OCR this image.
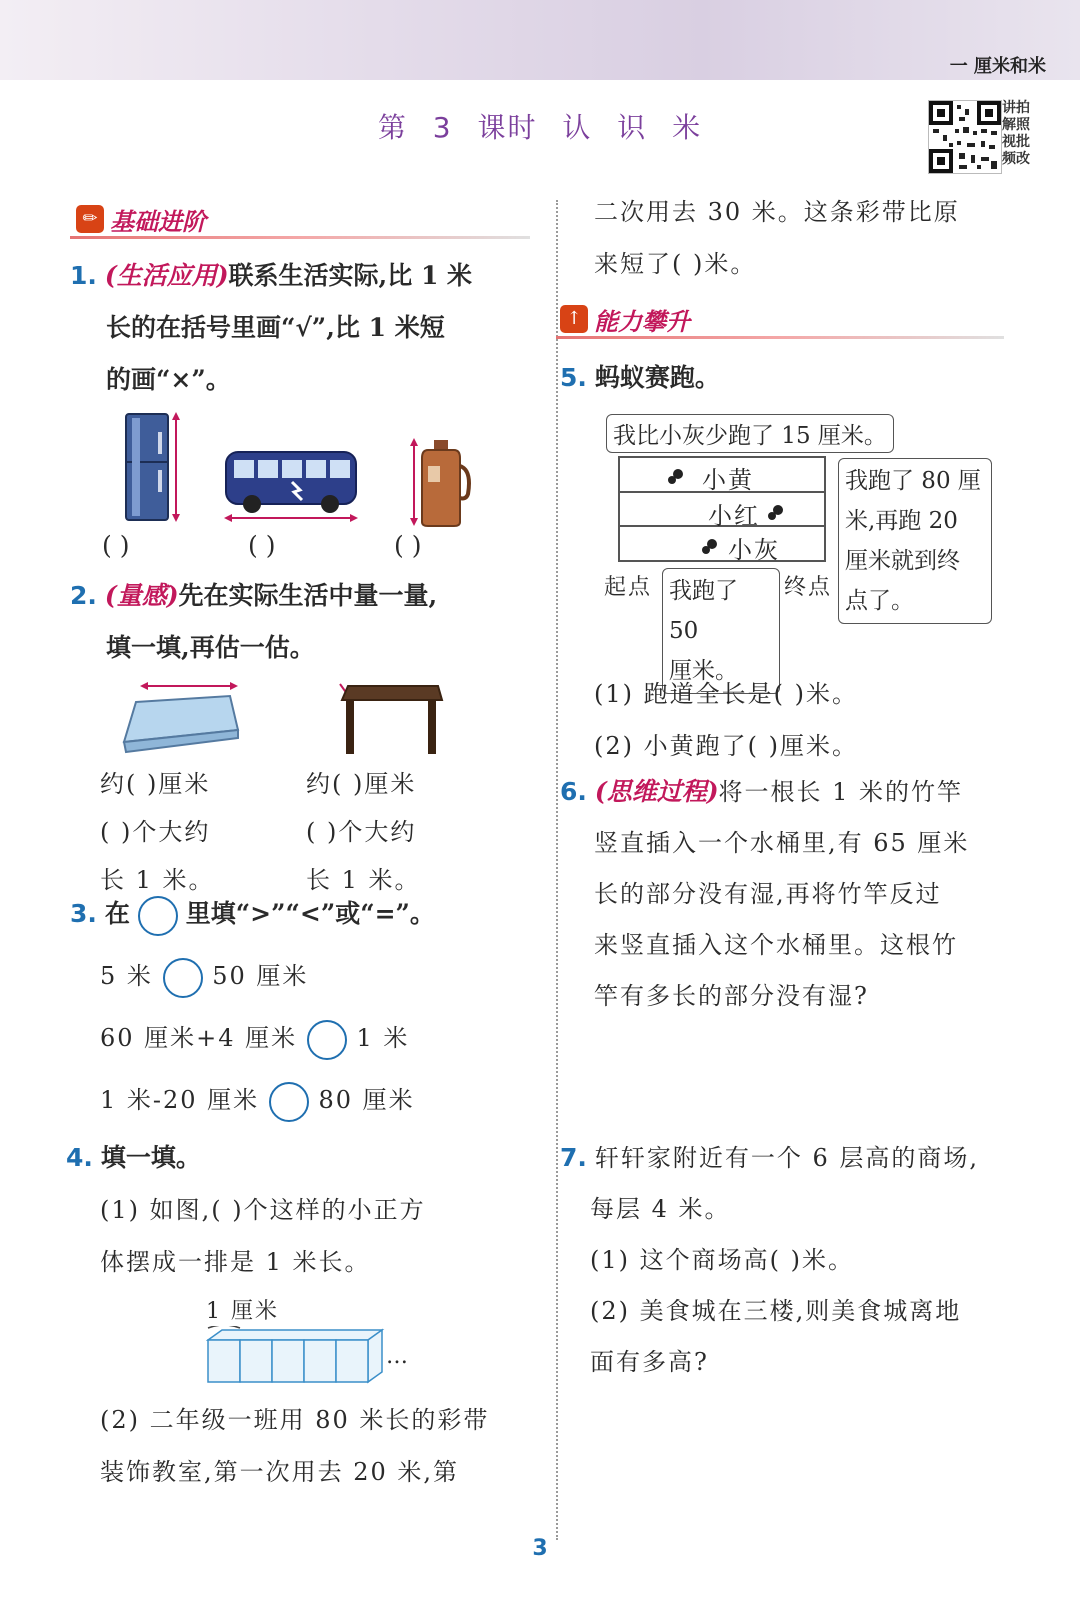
一 厘米和米
第 3 课时 认 识 米
讲拍
解照
视批
频改
✏ 基础进阶
1. (生活应用)联系生活实际,比 1 米
长的在括号里画“√”,比 1 米短
的画“×”。
( )	( )	( )
2. (量感)先在实际生活中量一量,
填一填,再估一估。
约( )厘米
( )个大约
长 1 米。
约( )厘米
( )个大约
长 1 米。
3. 在 里填“>”“<”或“=”。
5 米 50 厘米
60 厘米+4 厘米 1 米
1 米-20 厘米 80 厘米
4. 填一填。
(1) 如图,( )个这样的小正方
体摆成一排是 1 米长。
1 厘米
…
(2) 二年级一班用 80 米长的彩带
装饰教室,第一次用去 20 米,第
二次用去 30 米。这条彩带比原
来短了( )米。
↑ 能力攀升
5. 蚂蚁赛跑。
我比小灰少跑了 15 厘米。
小黄
小红
小灰
我跑了 80 厘
米,再跑 20
厘米就到终
点了。
起点	终点
我跑了 50
厘米。
(1) 跑道全长是( )米。
(2) 小黄跑了( )厘米。
6. (思维过程)将一根长 1 米的竹竿
竖直插入一个水桶里,有 65 厘米
长的部分没有湿,再将竹竿反过
来竖直插入这个水桶里。这根竹
竿有多长的部分没有湿?
7. 轩轩家附近有一个 6 层高的商场,
每层 4 米。
(1) 这个商场高( )米。
(2) 美食城在三楼,则美食城离地
面有多高?
3
